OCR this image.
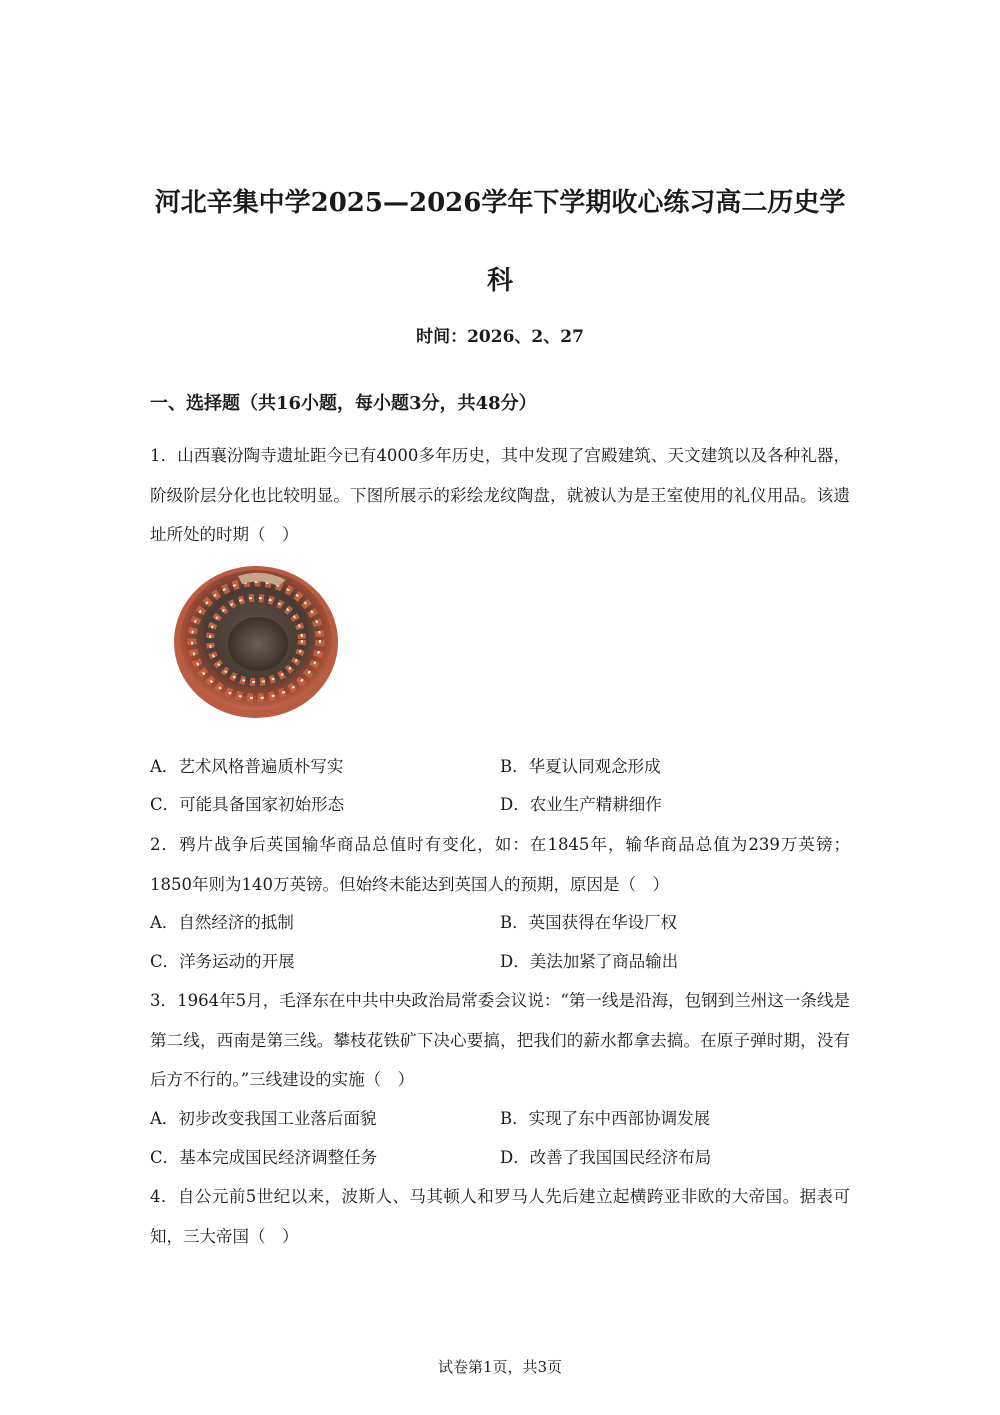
河北辛集中学2025—2026学年下学期收心练习高二历史学科
时间：2026、2、27
一、选择题（共16小题，每小题3分，共48分）
1．山西襄汾陶寺遗址距今已有4000多年历史，其中发现了宫殿建筑、天文建筑以及各种礼器，阶级阶层分化也比较明显。下图所展示的彩绘龙纹陶盘，就被认为是王室使用的礼仪用品。该遗址所处的时期（　）
A．艺术风格普遍质朴写实	B．华夏认同观念形成
C．可能具备国家初始形态	D．农业生产精耕细作
2．鸦片战争后英国输华商品总值时有变化，如：在1845年，输华商品总值为239万英镑；1850年则为140万英镑。但始终未能达到英国人的预期，原因是（　）
A．自然经济的抵制	B．英国获得在华设厂权
C．洋务运动的开展	D．美法加紧了商品输出
3．1964年5月，毛泽东在中共中央政治局常委会议说：“第一线是沿海，包钢到兰州这一条线是第二线，西南是第三线。攀枝花铁矿下决心要搞，把我们的薪水都拿去搞。在原子弹时期，没有后方不行的。”三线建设的实施（　）
A．初步改变我国工业落后面貌	B．实现了东中西部协调发展
C．基本完成国民经济调整任务	D．改善了我国国民经济布局
4．自公元前5世纪以来，波斯人、马其顿人和罗马人先后建立起横跨亚非欧的大帝国。据表可知，三大帝国（　）
试卷第1页，共3页
